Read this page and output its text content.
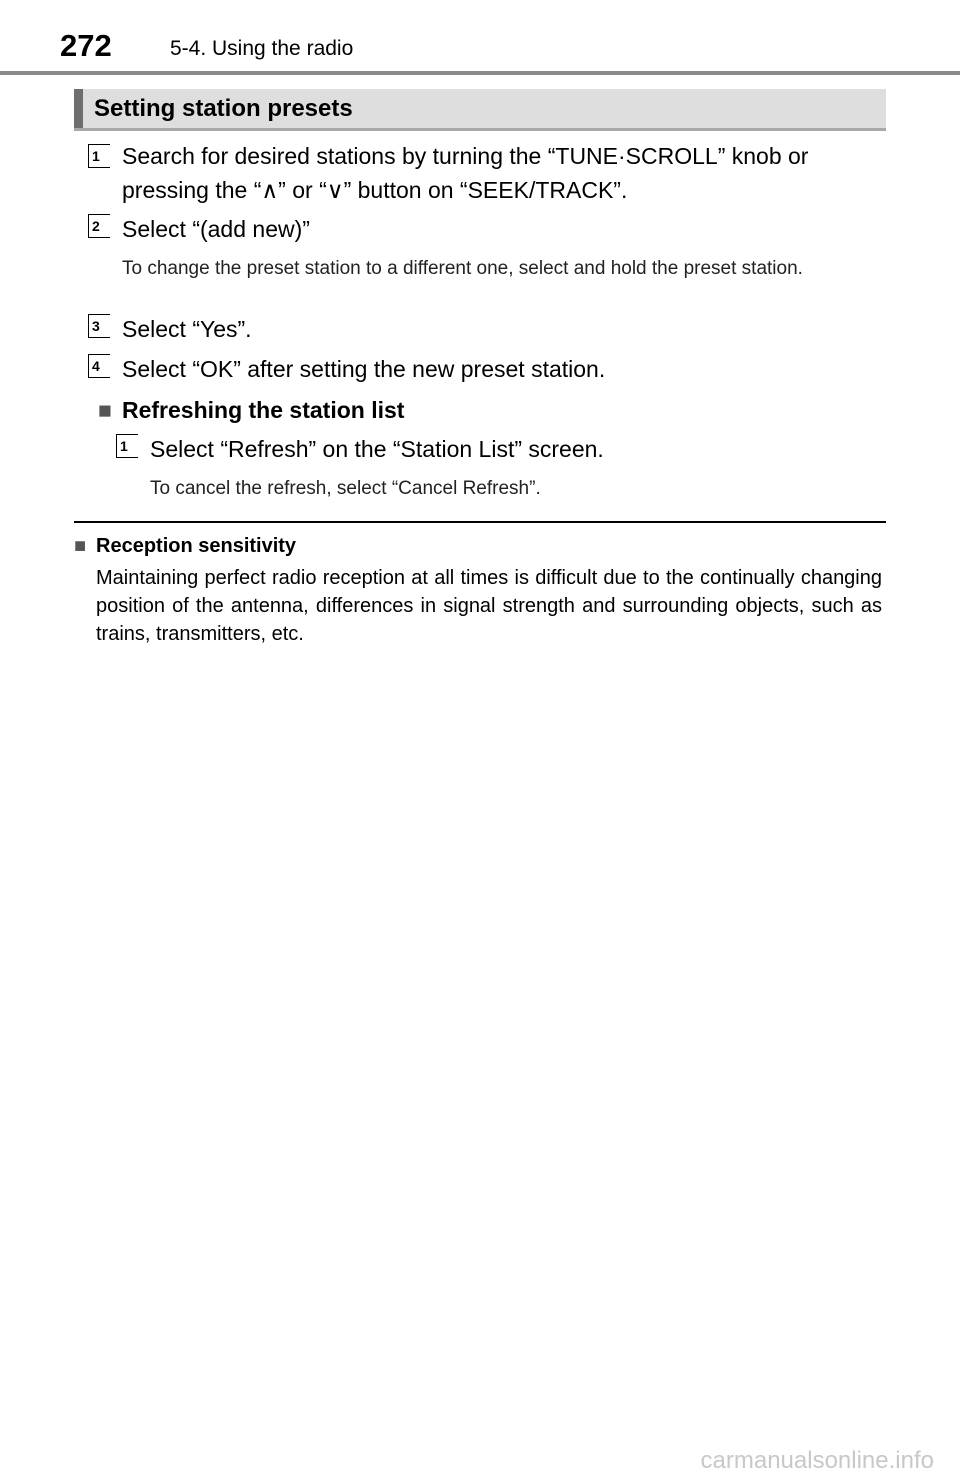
272	5-4. Using the radio
Setting station presets
1 Search for desired stations by turning the “TUNE·SCROLL” knob or
pressing the “∧” or “∨” button on “SEEK/TRACK”.
2 Select “(add new)”
To change the preset station to a different one, select and hold the preset station.
3 Select “Yes”.
4 Select “OK” after setting the new preset station.
■ Refreshing the station list
1 Select “Refresh” on the “Station List” screen.
To cancel the refresh, select “Cancel Refresh”.
■ Reception sensitivity
Maintaining perfect radio reception at all times is difficult due to the continually changing position of the antenna, differences in signal strength and surrounding objects, such as trains, transmitters, etc.
carmanualsonline.info
